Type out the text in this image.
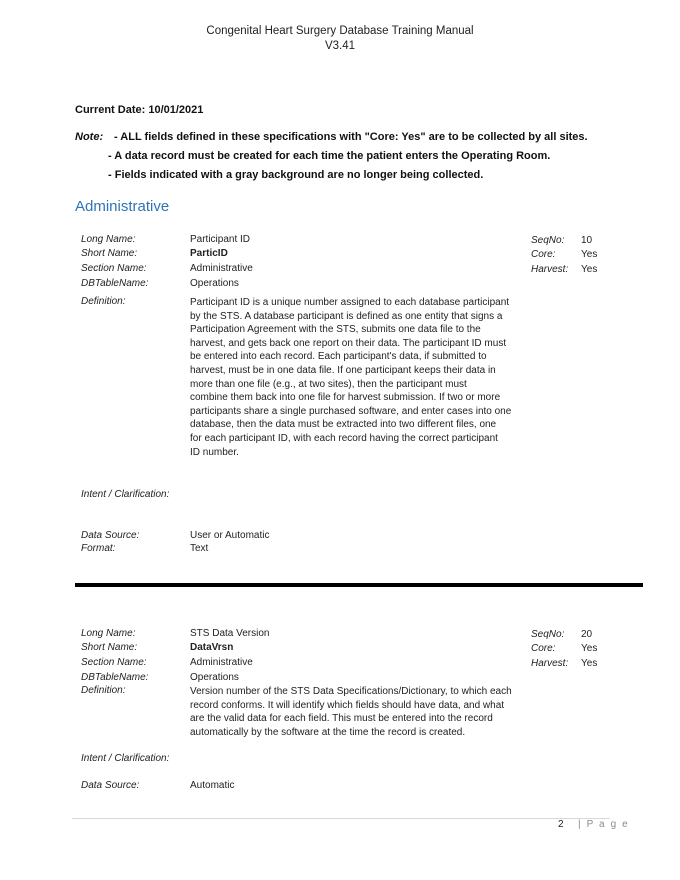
Congenital Heart Surgery Database Training Manual
V3.41
Current Date: 10/01/2021
Note: - ALL fields defined in these specifications with "Core: Yes" are to be collected by all sites.
- A data record must be created for each time the patient enters the Operating Room.
- Fields indicated with a gray background are no longer being collected.
Administrative
Long Name:	Participant ID
Short Name:	ParticID
Section Name:	Administrative
DBTableName:	Operations
SeqNo: 10
Core:	Yes
Harvest: Yes
Definition:	Participant ID is a unique number assigned to each database participant
by the STS. A database participant is defined as one entity that signs a
Participation Agreement with the STS, submits one data file to the
harvest, and gets back one report on their data. The participant ID must
be entered into each record. Each participant's data, if submitted to
harvest, must be in one data file. If one participant keeps their data in
more than one file (e.g., at two sites), then the participant must
combine them back into one file for harvest submission. If two or more
participants share a single purchased software, and enter cases into one
database, then the data must be extracted into two different files, one
for each participant ID, with each record having the correct participant
ID number.
Intent / Clarification:
Data Source:	User or Automatic
Format:	Text
Long Name:	STS Data Version
Short Name:	DataVrsn
Section Name:	Administrative
DBTableName:	Operations
SeqNo: 20
Core:	Yes
Harvest: Yes
Definition:	Version number of the STS Data Specifications/Dictionary, to which each
record conforms. It will identify which fields should have data, and what
are the valid data for each field. This must be entered into the record
automatically by the software at the time the record is created.
Intent / Clarification:
Data Source:	Automatic
2 | P a g e
